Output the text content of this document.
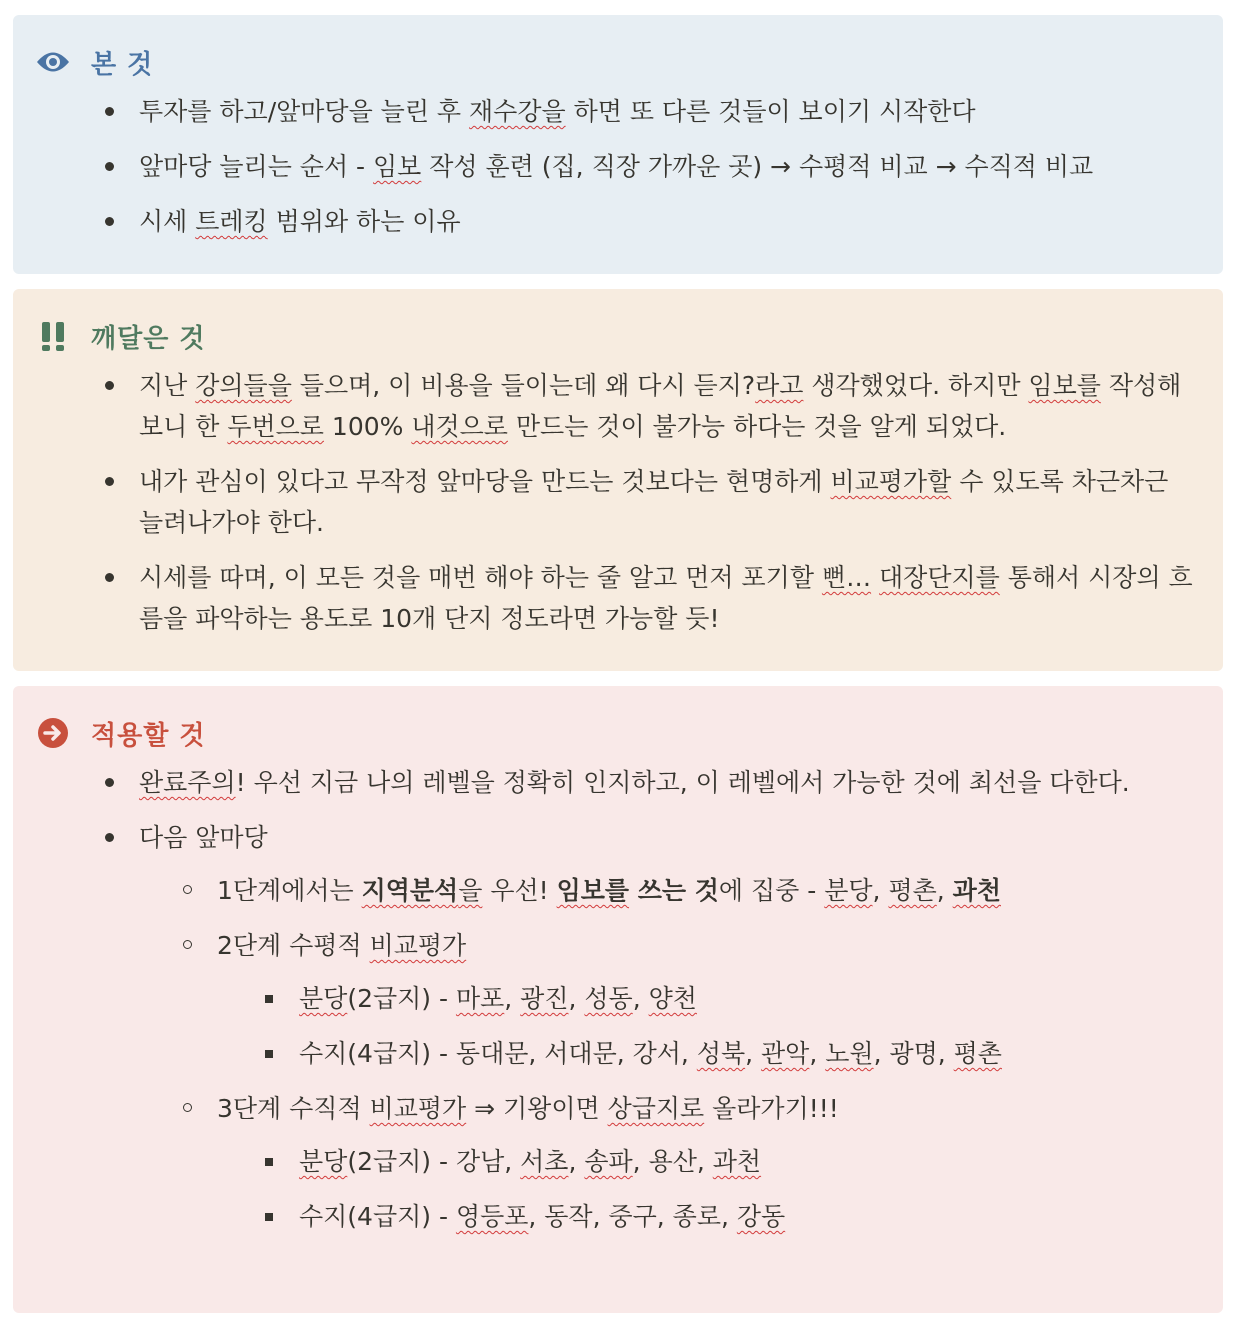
본 것
투자를 하고/앞마당을 늘린 후 재수강을 하면 또 다른 것들이 보이기 시작한다
앞마당 늘리는 순서 - 임보 작성 훈련 (집, 직장 가까운 곳) → 수평적 비교 → 수직적 비교
시세 트레킹 범위와 하는 이유
깨달은 것
지난 강의들을 들으며, 이 비용을 들이는데 왜 다시 듣지?라고 생각했었다. 하지만 임보를 작성해보니 한 두번으로 100% 내것으로 만드는 것이 불가능 하다는 것을 알게 되었다.
내가 관심이 있다고 무작정 앞마당을 만드는 것보다는 현명하게 비교평가할 수 있도록 차근차근 늘려나가야 한다.
시세를 따며, 이 모든 것을 매번 해야 하는 줄 알고 먼저 포기할 뻔… 대장단지를 통해서 시장의 흐름을 파악하는 용도로 10개 단지 정도라면 가능할 듯!
적용할 것
완료주의! 우선 지금 나의 레벨을 정확히 인지하고, 이 레벨에서 가능한 것에 최선을 다한다.
다음 앞마당
1단계에서는 지역분석을 우선! 임보를 쓰는 것에 집중 - 분당, 평촌, 과천
2단계 수평적 비교평가
분당(2급지) - 마포, 광진, 성동, 양천
수지(4급지) - 동대문, 서대문, 강서, 성북, 관악, 노원, 광명, 평촌
3단계 수직적 비교평가 ⇒ 기왕이면 상급지로 올라가기!!!
분당(2급지) - 강남, 서초, 송파, 용산, 과천
수지(4급지) - 영등포, 동작, 중구, 종로, 강동
